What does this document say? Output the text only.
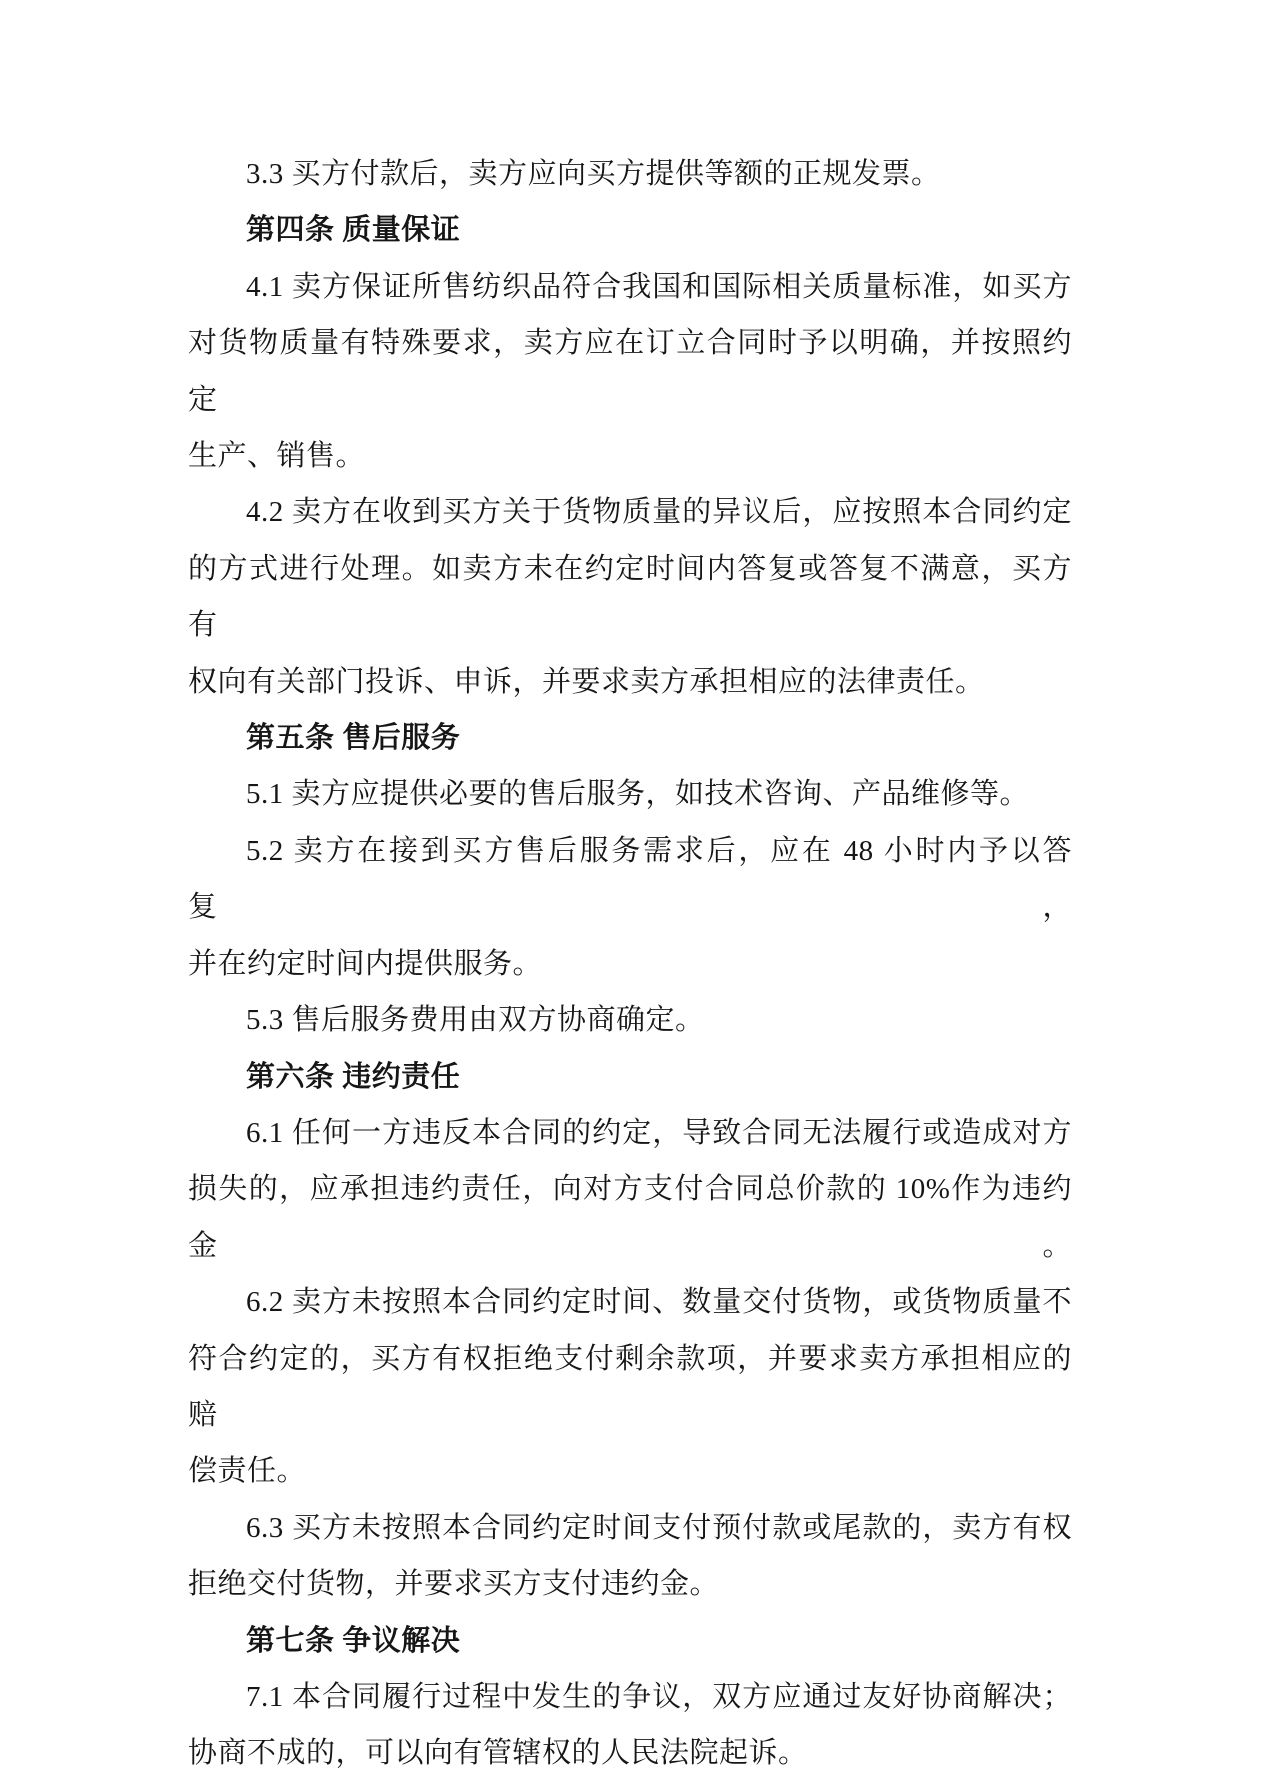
3.3 买方付款后，卖方应向买方提供等额的正规发票。
第四条 质量保证
4.1 卖方保证所售纺织品符合我国和国际相关质量标准，如买方
对货物质量有特殊要求，卖方应在订立合同时予以明确，并按照约定
生产、销售。
4.2 卖方在收到买方关于货物质量的异议后，应按照本合同约定
的方式进行处理。如卖方未在约定时间内答复或答复不满意，买方有
权向有关部门投诉、申诉，并要求卖方承担相应的法律责任。
第五条 售后服务
5.1 卖方应提供必要的售后服务，如技术咨询、产品维修等。
5.2 卖方在接到买方售后服务需求后，应在 48 小时内予以答复，
并在约定时间内提供服务。
5.3 售后服务费用由双方协商确定。
第六条 违约责任
6.1 任何一方违反本合同的约定，导致合同无法履行或造成对方
损失的，应承担违约责任，向对方支付合同总价款的 10%作为违约金。
6.2 卖方未按照本合同约定时间、数量交付货物，或货物质量不
符合约定的，买方有权拒绝支付剩余款项，并要求卖方承担相应的赔
偿责任。
6.3 买方未按照本合同约定时间支付预付款或尾款的，卖方有权
拒绝交付货物，并要求买方支付违约金。
第七条 争议解决
7.1 本合同履行过程中发生的争议，双方应通过友好协商解决；
协商不成的，可以向有管辖权的人民法院起诉。
